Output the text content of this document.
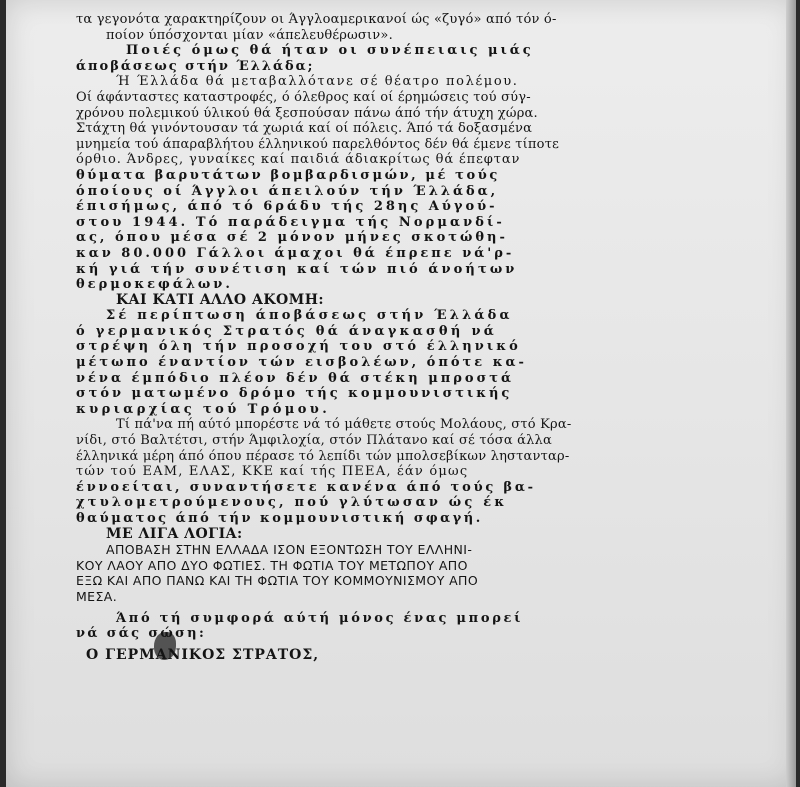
τα γεγονότα χαρακτηρίζουν οι Άγγλοαμερικανοί ώς «ζυγό» από τόν ό-

ποίον ύπόσχονται μίαν «άπελευθέρωσιν».

Ποιές όμως θά ήταν οι συνέπειαις μιάς

άποβάσεως στήν Έλλάδα;

Ή Έλλάδα θά μεταβαλλότανε σέ θέατρο πολέμου.

Οί άφάνταστες καταστροφές, ό όλεθρος καί οί έρημώσεις τού σύγ-

χρόνου πολεμικού ύλικού θά ξεσπούσαν πάνω άπό τήν άτυχη χώρα.

Στάχτη θά γινόντουσαν τά χωριά καί οί πόλεις. Άπό τά δοξασμένα

μνημεία τού άπαραβλήτου έλληνικού παρελθόντος δέν θά έμενε τίποτε

όρθιο. Άνδρες, γυναίκες καί παιδιά άδιακρίτως θά έπεφταν

θύματα βαρυτάτων βομβαρδισμών, μέ τούς

όποίους οί Άγγλοι άπειλούν τήν Έλλάδα,

έπισήμως, άπό τό 6ράδυ τής 28ης Αύγού-

στου 1944. Τό παράδειγμα τής Νορμανδί-

ας, όπου μέσα σέ 2 μόνον μήνες σκοτώθη-

καν 80.000 Γάλλοι άμαχοι θά έπρεπε νά'ρ-

κή γιά τήν συνέτιση καί τών πιό άνοήτων

θερμοκεφάλων.

ΚΑΙ ΚΑΤΙ ΑΛΛΟ ΑΚΟΜΗ:

Σέ περίπτωση άποβάσεως στήν Έλλάδα

ό γερμανικός Στρατός θά άναγκασθή νά

στρέψη όλη τήν προσοχή του στό έλληνικό

μέτωπο έναντίον τών εισβολέων, όπότε κα-

νένα έμπόδιο πλέον δέν θά στέκη μπροστά

στόν ματωμένο δρόμο τής κομμουνιστικής

κυριαρχίας τού Τρόμου.

Τί πά'να πή αύτό μπορέστε νά τό μάθετε στούς Μολάους, στό Κρα-

νίδι, στό Βαλτέτσι, στήν Άμφιλοχία, στόν Πλάτανο καί σέ τόσα άλλα

έλληνικά μέρη άπό όπου πέρασε τό λεπίδι τών μπολσεβίκων ληστανταρ-

τών τού ΕΑΜ, ΕΛΑΣ, ΚΚΕ καί τής ΠΕΕΑ, έάν όμως

έννοείται, συναντήσετε κανένα άπό τούς βα-

χτυλομετρούμενους, πού γλύτωσαν ώς έκ

θαύματος άπό τήν κομμουνιστική σφαγή.

ΜΕ ΛΙΓΑ ΛΟΓΙΑ:

ΑΠΟΒΑΣΗ ΣΤΗΝ ΕΛΛΑΔΑ ΙΣΟΝ ΕΞΟΝΤΩΣΗ ΤΟΥ ΕΛΛΗΝΙ-

ΚΟΥ ΛΑΟΥ ΑΠΟ ΔΥΟ ΦΩΤΙΕΣ. ΤΗ ΦΩΤΙΑ ΤΟΥ ΜΕΤΩΠΟΥ ΑΠΟ

ΕΞΩ ΚΑΙ ΑΠΟ ΠΑΝΩ ΚΑΙ ΤΗ ΦΩΤΙΑ ΤΟΥ ΚΟΜΜΟΥΝΙΣΜΟΥ ΑΠΟ

ΜΕΣΑ.

Άπό τή συμφορά αύτή μόνος ένας μπορεί

νά σάς σώση:

Ο ΓΕΡΜΑΝΙΚΟΣ ΣΤΡΑΤΟΣ,
